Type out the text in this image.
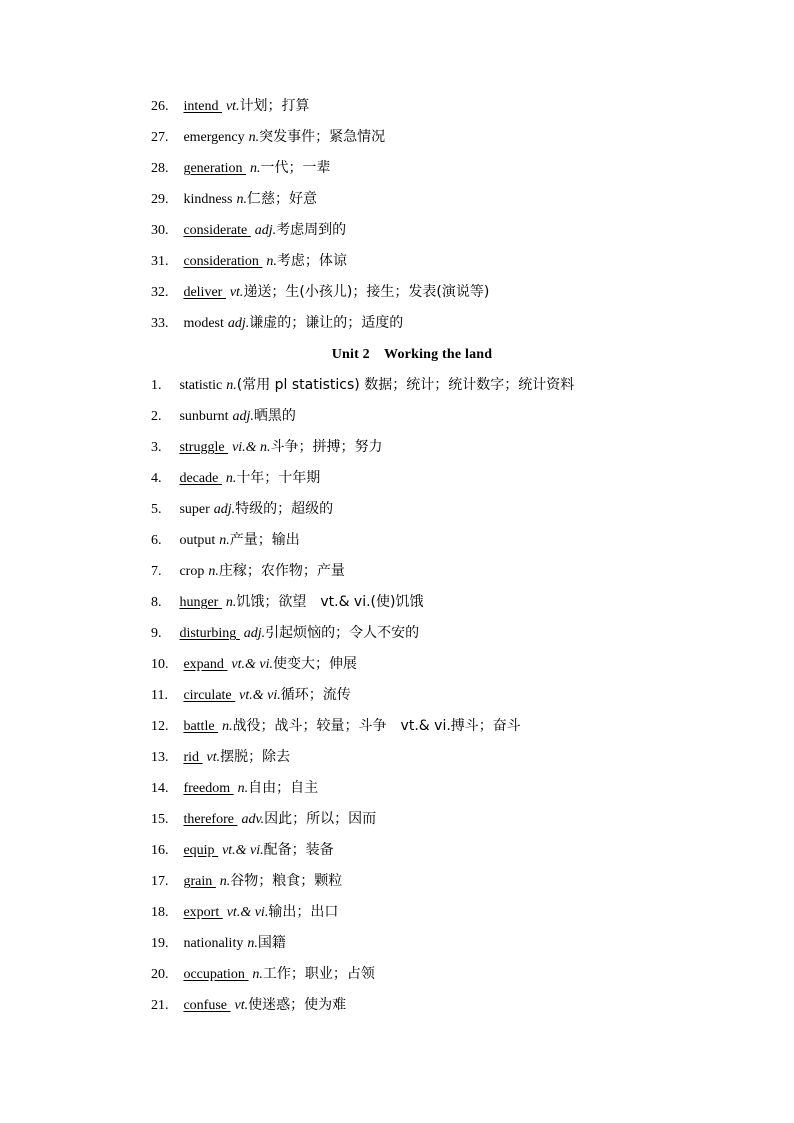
26. intend vt.计划；打算
27. emergency n.突发事件；紧急情况
28. generation n.一代；一辈
29. kindness n.仁慈；好意
30. considerate adj.考虑周到的
31. consideration n.考虑；体谅
32. deliver vt.递送；生(小孩儿)；接生；发表(演说等)
33. modest adj.谦虚的；谦让的；适度的
Unit 2　Working the land
1. statistic n.(常用 pl statistics) 数据；统计；统计数字；统计资料
2. sunburnt adj.晒黑的
3. struggle vi.& n.斗争；拼搏；努力
4. decade n.十年；十年期
5. super adj.特级的；超级的
6. output n.产量；输出
7. crop n.庄稼；农作物；产量
8. hunger n.饥饿；欲望　vt.& vi.(使)饥饿
9. disturbing adj.引起烦恼的；令人不安的
10. expand vt.& vi.使变大；伸展
11. circulate vt.& vi.循环；流传
12. battle n.战役；战斗；较量；斗争　vt.& vi.搏斗；奋斗
13. rid vt.摆脱；除去
14. freedom n.自由；自主
15. therefore adv.因此；所以；因而
16. equip vt.& vi.配备；装备
17. grain n.谷物；粮食；颗粒
18. export vt.& vi.输出；出口
19. nationality n.国籍
20. occupation n.工作；职业；占领
21. confuse vt.使迷惑；使为难
